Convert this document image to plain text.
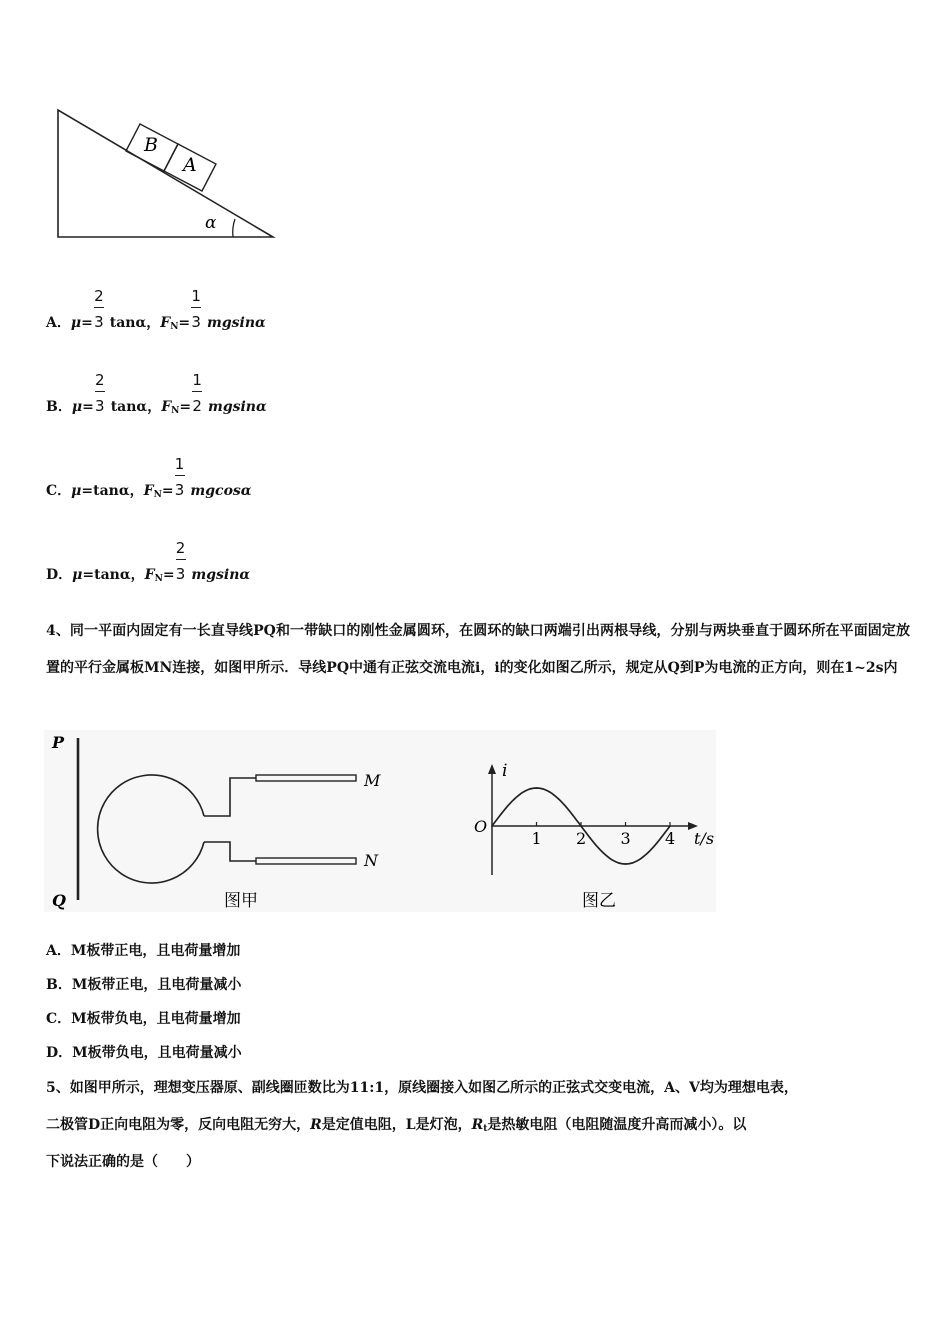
B
A
α
A．$\mu= \frac{2}{3}$ tanα，$F_N= \frac{1}{3}$ mgsinα
B．$\mu= \frac{2}{3}$ tanα，$F_N= \frac{1}{2}$ mgsinα
C．μ=tanα，$F_N= \frac{1}{3}$ mgcosα
D．μ=tanα，$F_N= \frac{2}{3}$ mgsinα
4、同一平面内固定有一长直导线PQ和一带缺口的刚性金属圆环，在圆环的缺口两端引出两根导线，分别与两块垂直于圆环所在平面固定放置的平行金属板MN连接，如图甲所示．导线PQ中通有正弦交流电流i，i的变化如图乙所示，规定从Q到P为电流的正方向，则在1~2s内
P
Q
M
N
图甲
i
t/s
O
1 2 3 4
图乙
A．M板带正电，且电荷量增加
B．M板带正电，且电荷量减小
C．M板带负电，且电荷量增加
D．M板带负电，且电荷量减小
5、如图甲所示，理想变压器原、副线圈匝数比为11:1，原线圈接入如图乙所示的正弦式交变电流，A、V均为理想电表，
二极管D正向电阻为零，反向电阻无穷大，R是定值电阻，L是灯泡，$R_t$是热敏电阻（电阻随温度升高而减小）。以
下说法正确的是（　　）
